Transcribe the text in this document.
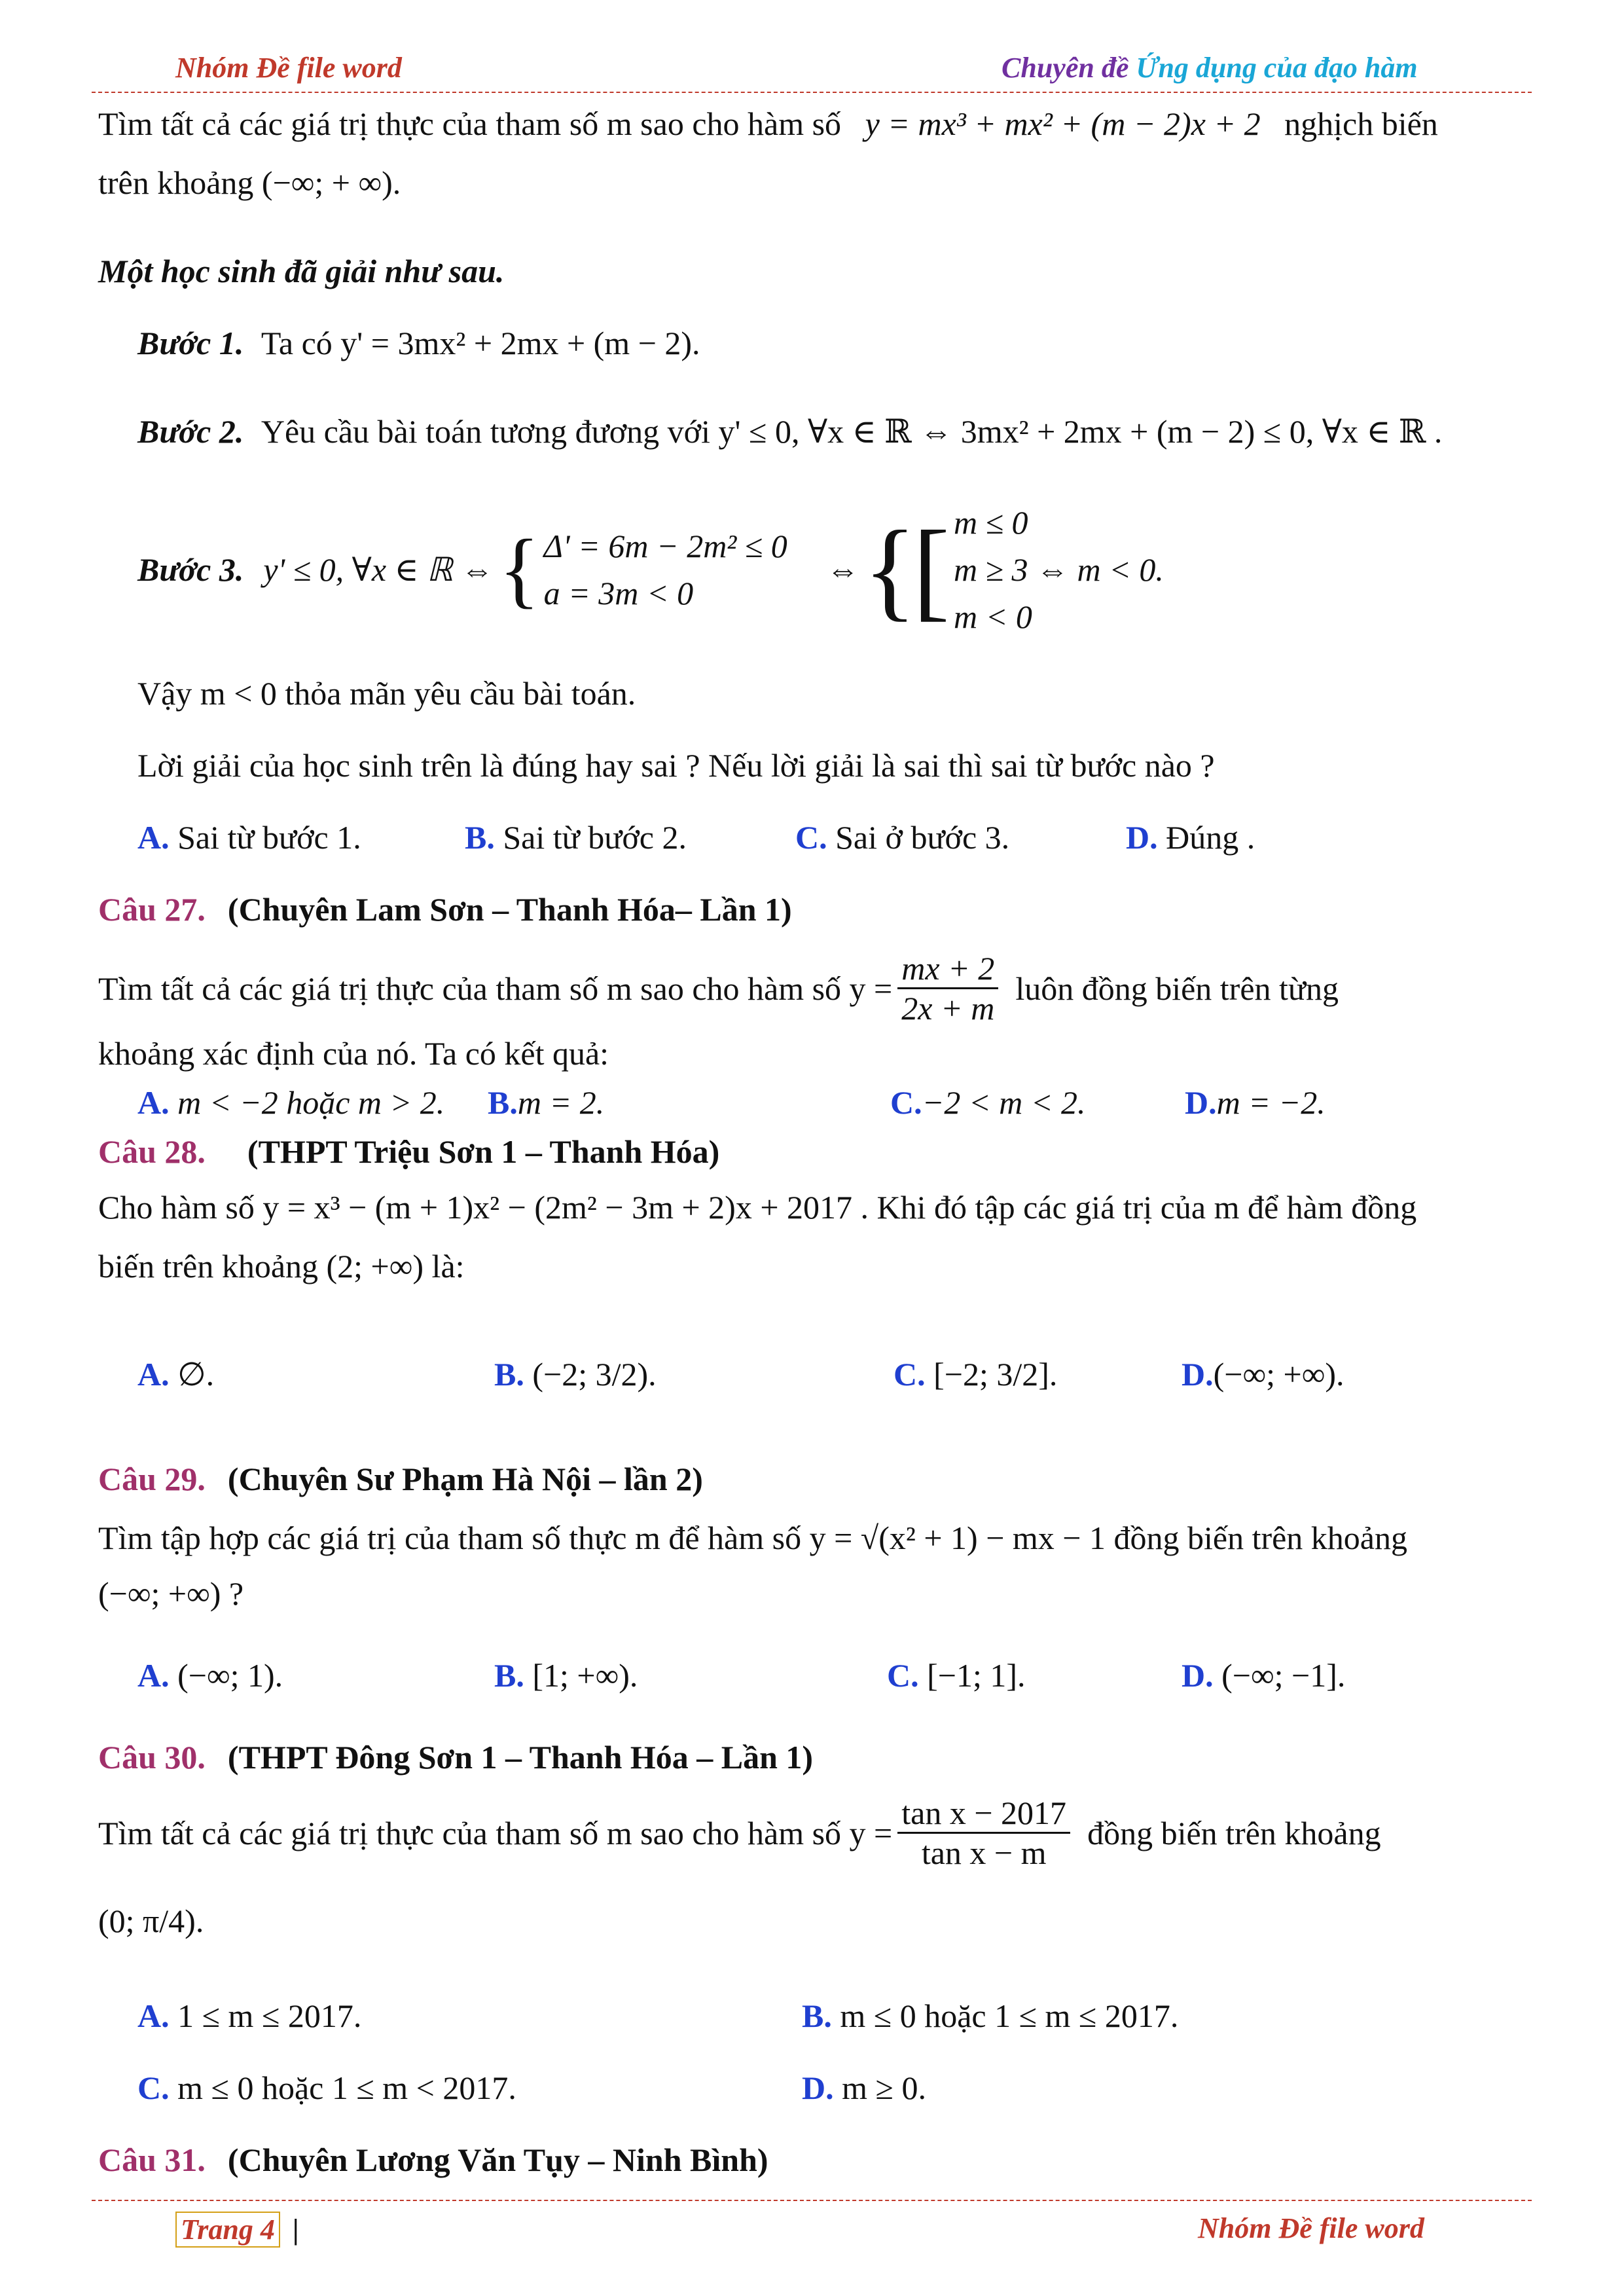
Nhóm Đề file word	Chuyên đề Ứng dụng của đạo hàm
Tìm tất cả các giá trị thực của tham số m sao cho hàm số y = mx³ + mx² + (m − 2)x + 2 nghịch biến
trên khoảng (−∞; + ∞).
Một học sinh đã giải như sau.
Bước 1. Ta có y' = 3mx² + 2mx + (m − 2).
Bước 2. Yêu cầu bài toán tương đương với y' ≤ 0, ∀x ∈ ℝ ⇔ 3mx² + 2mx + (m − 2) ≤ 0, ∀x ∈ ℝ .
Bước 3. y' ≤ 0, ∀x ∈ ℝ ⇔ { Δ' = 6m − 2m² ≤ 0
a = 3m < 0
⇔ {
[ m ≤ 0
m ≥ 3 ⇔ m < 0.
m < 0
Vậy m < 0 thỏa mãn yêu cầu bài toán.
Lời giải của học sinh trên là đúng hay sai ? Nếu lời giải là sai thì sai từ bước nào ?
A. Sai từ bước 1.	B. Sai từ bước 2.	C. Sai ở bước 3.	D. Đúng .
Câu 27. (Chuyên Lam Sơn – Thanh Hóa– Lần 1)
Tìm tất cả các giá trị thực của tham số m sao cho hàm số $y = \frac{mx + 2}{2x + m}$ luôn đồng biến trên từng
khoảng xác định của nó. Ta có kết quả:
A. m < −2 hoặc m > 2. B.m = 2.	C.−2 < m < 2.	D.m = −2.
Câu 28. (THPT Triệu Sơn 1 – Thanh Hóa)
Cho hàm số y = x³ − (m + 1)x² − (2m² − 3m + 2)x + 2017 . Khi đó tập các giá trị của m để hàm đồng
biến trên khoảng (2; +∞) là:
A. ∅.	B. (−2; 3/2).	C. [−2; 3/2].	D.(−∞; +∞).
Câu 29. (Chuyên Sư Phạm Hà Nội – lần 2)
Tìm tập hợp các giá trị của tham số thực m để hàm số y = √(x² + 1) − mx − 1 đồng biến trên khoảng
(−∞; +∞) ?
A. (−∞; 1).	B. [1; +∞).	C. [−1; 1].	D. (−∞; −1].
Câu 30. (THPT Đông Sơn 1 – Thanh Hóa – Lần 1)
Tìm tất cả các giá trị thực của tham số m sao cho hàm số $y = \frac{\text{tan x − 2017}}{\text{tan x − m}}$ đồng biến trên khoảng
(0; π/4).
A. 1 ≤ m ≤ 2017.	B. m ≤ 0 hoặc 1 ≤ m ≤ 2017.
C. m ≤ 0 hoặc 1 ≤ m < 2017.	D. m ≥ 0.
Câu 31. (Chuyên Lương Văn Tụy – Ninh Bình)
Trang 4 |	Nhóm Đề file word
